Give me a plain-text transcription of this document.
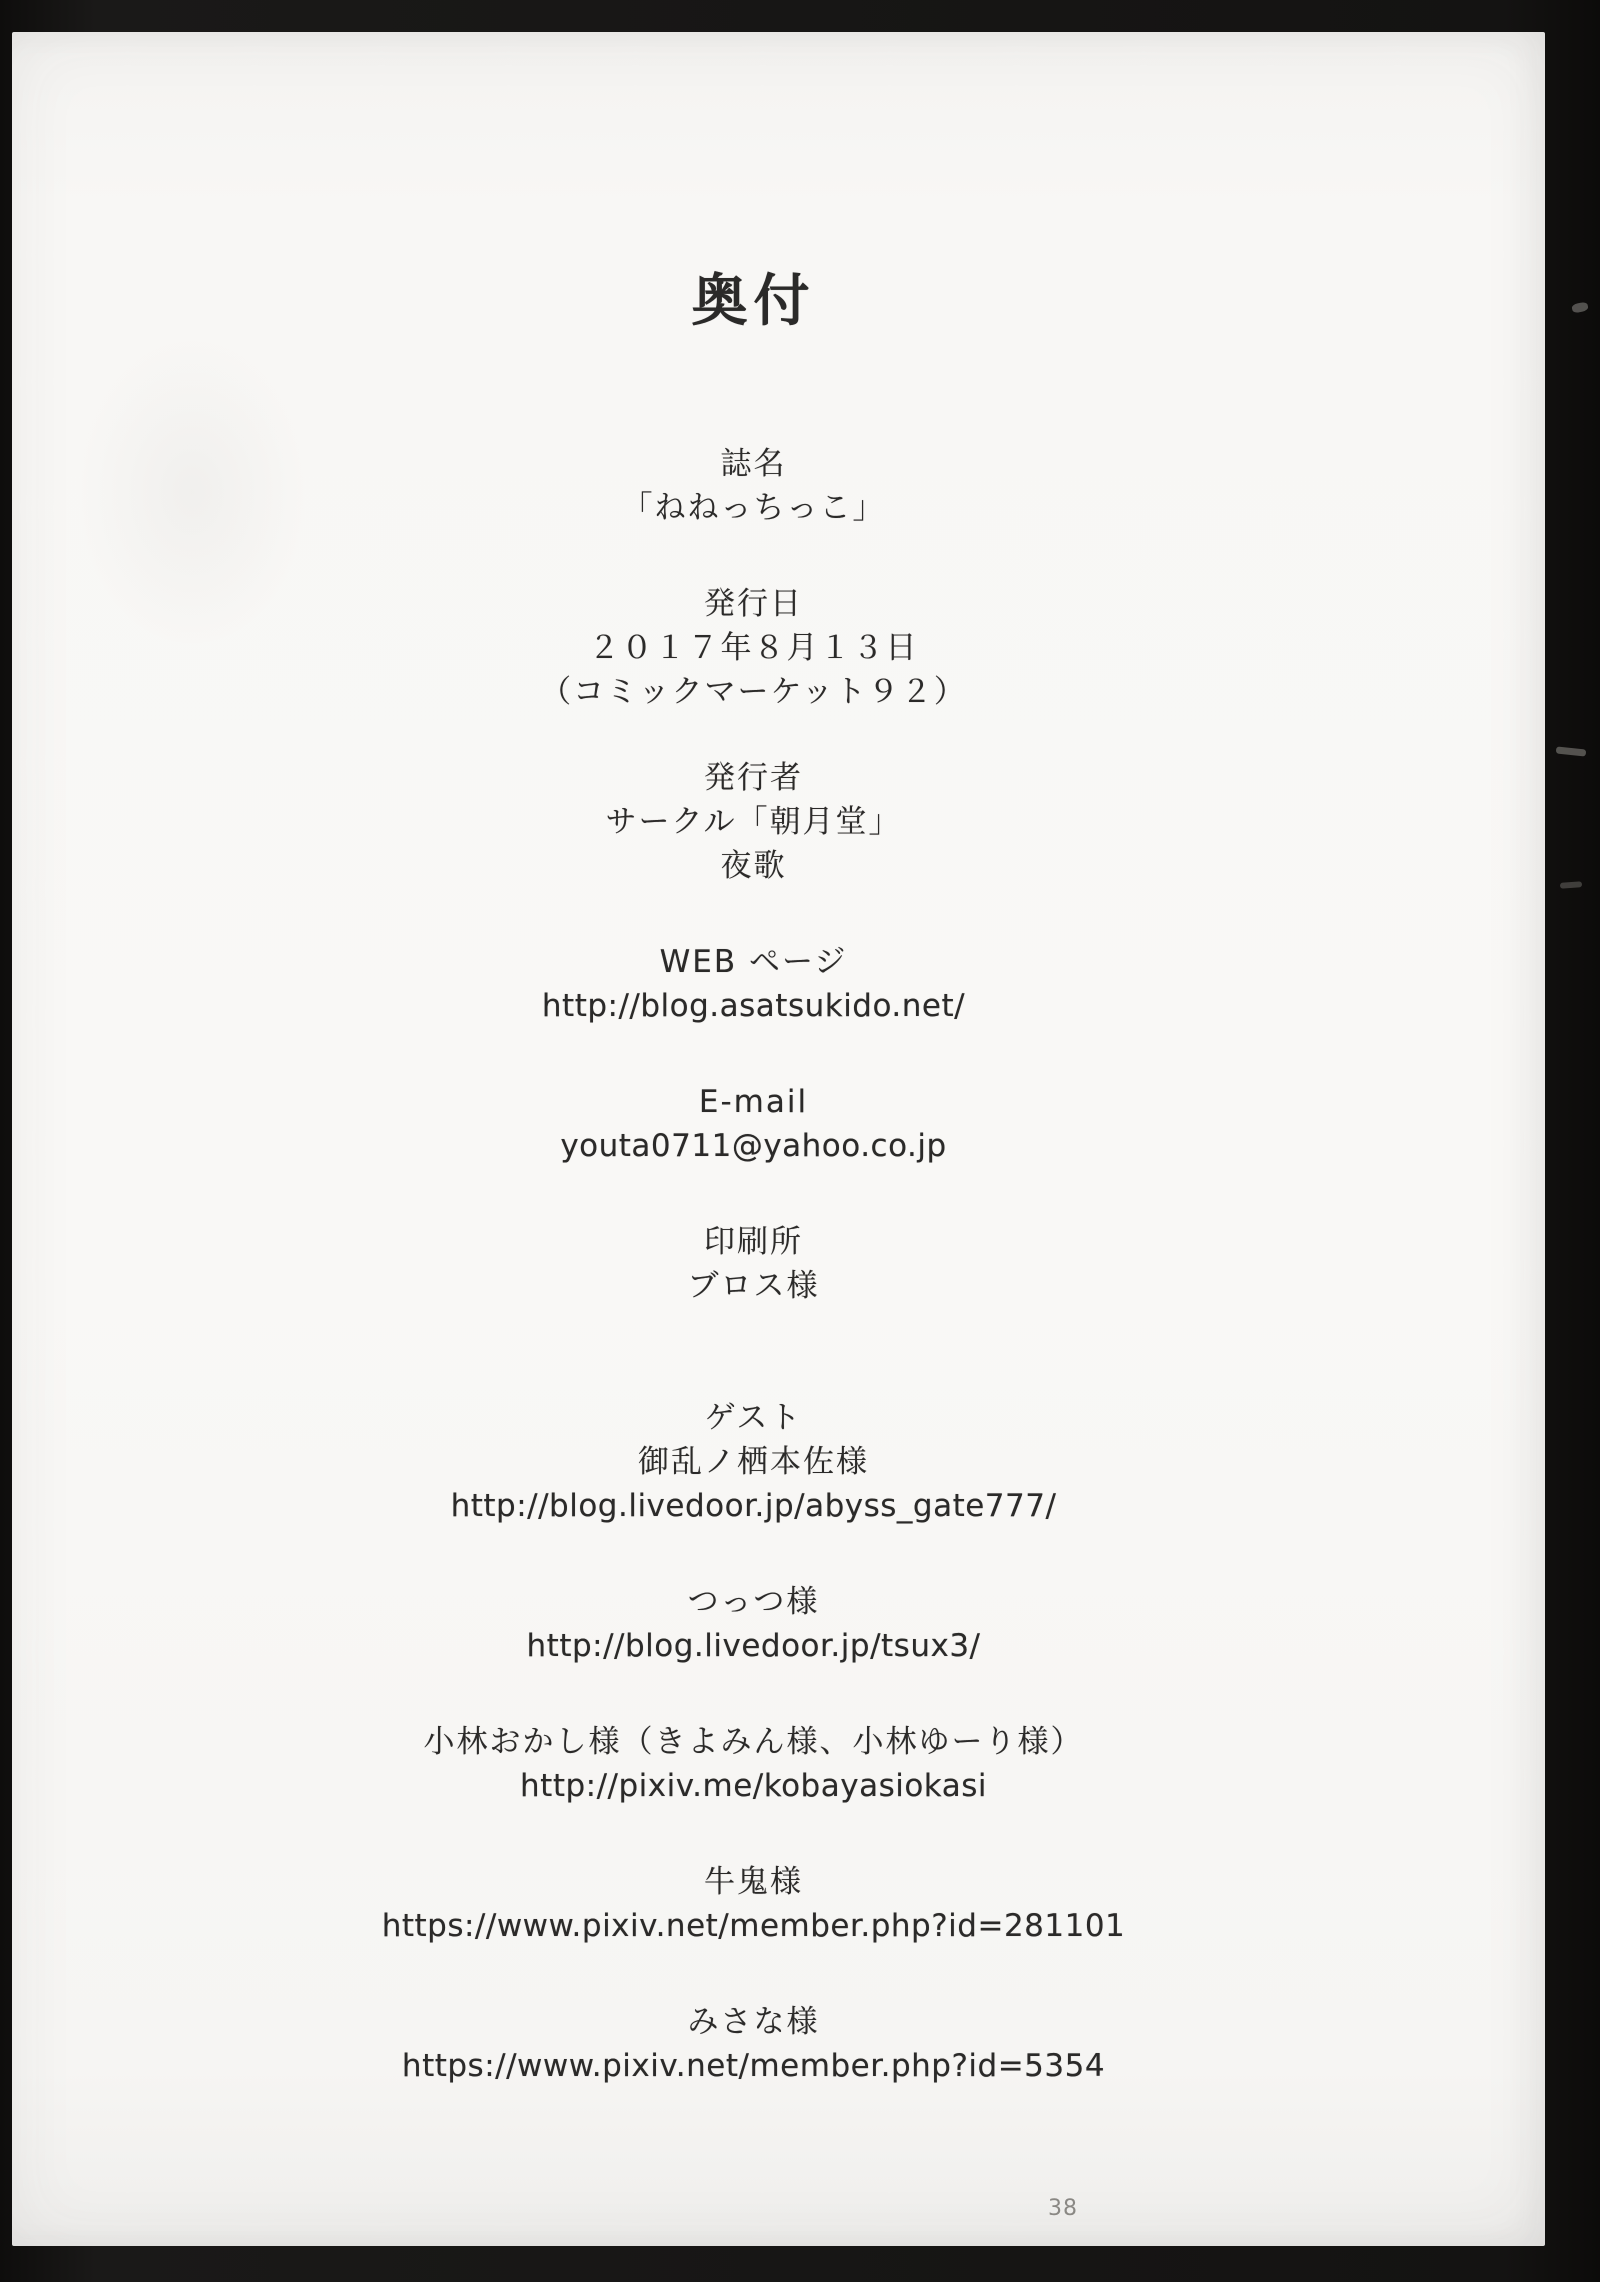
奥付
誌名
「ねねっちっこ」
発行日
２０１７年８月１３日
（コミックマーケット９２）
発行者
サークル「朝月堂」
夜歌
WEB ページ
http://blog.asatsukido.net/
E-mail
youta0711@yahoo.co.jp
印刷所
ブロス様
ゲスト
御乱ノ栖本佐様
http://blog.livedoor.jp/abyss_gate777/
つっつ様
http://blog.livedoor.jp/tsux3/
小林おかし様（きよみん様、小林ゆーり様）
http://pixiv.me/kobayasiokasi
牛鬼様
https://www.pixiv.net/member.php?id=281101
みさな様
https://www.pixiv.net/member.php?id=5354
38
